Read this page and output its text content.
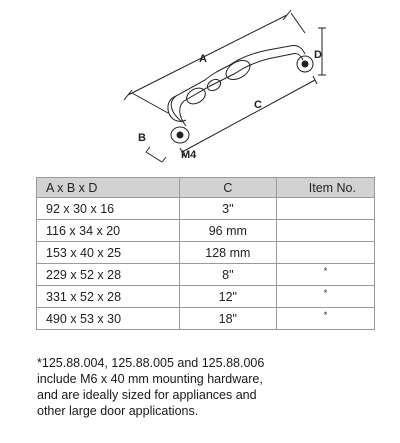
A
B
C
D
M4
A x B x D	C	Item No.
92 x 30 x 16	3"	
116 x 34 x 20	96 mm	
153 x 40 x 25	128 mm	
229 x 52 x 28	8"	*
331 x 52 x 28	12"	*
490 x 53 x 30	18"	*
*125.88.004, 125.88.005 and 125.88.006
include M6 x 40 mm mounting hardware,
and are ideally sized for appliances and
other large door applications.
